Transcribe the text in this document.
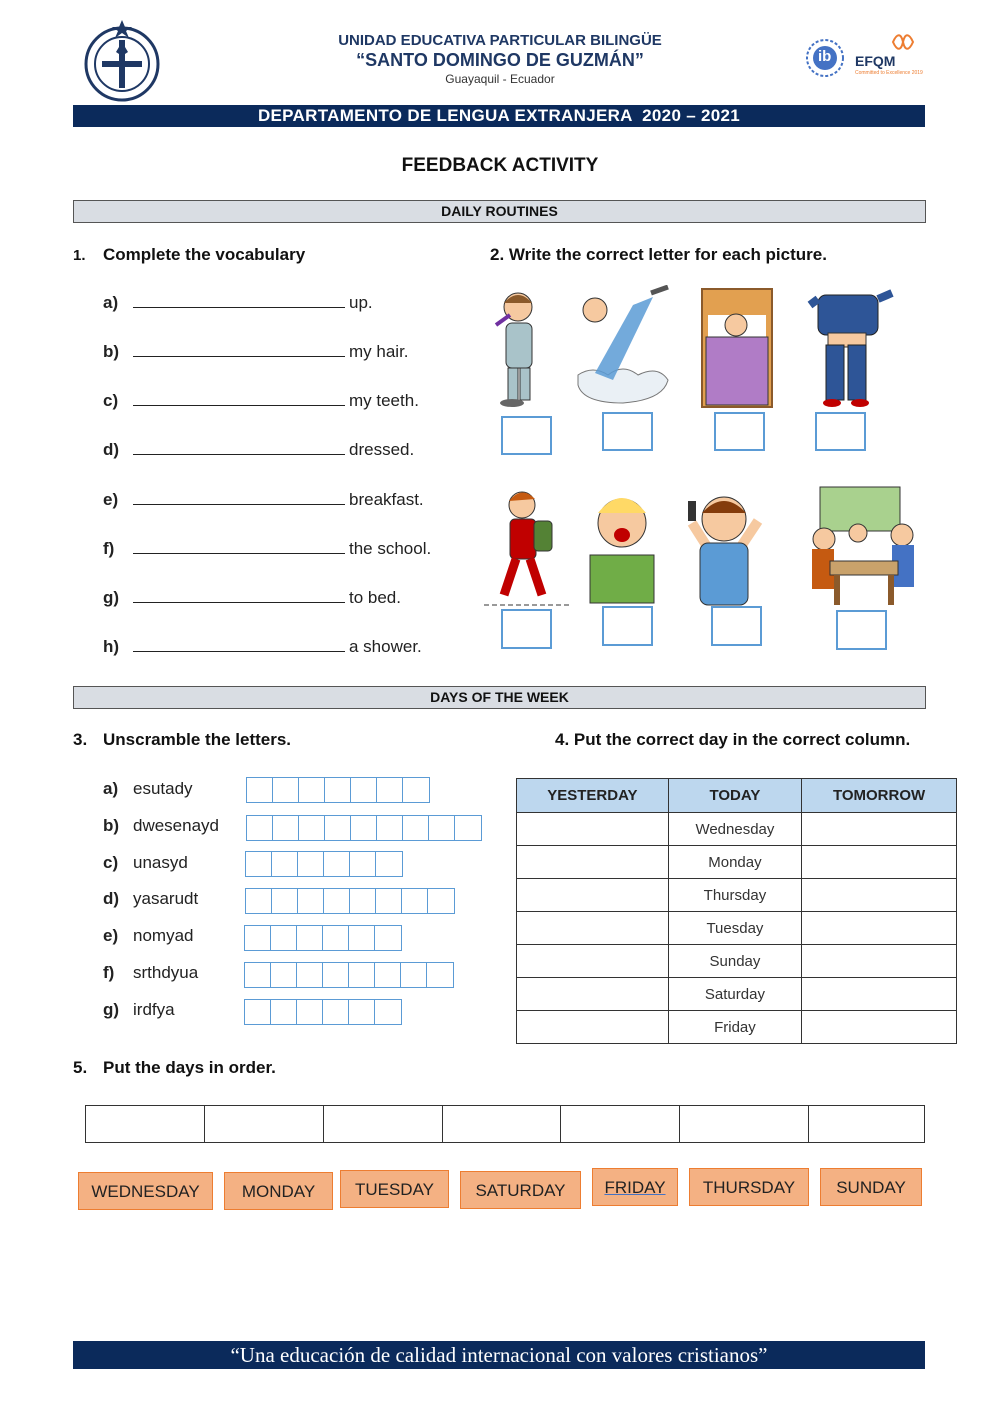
UNIDAD EDUCATIVA PARTICULAR BILINGÜE
“SANTO DOMINGO DE GUZMÁN”
Guayaquil - Ecuador
ib EFQM
Committed to Excellence 2019
DEPARTAMENTO DE LENGUA EXTRANJERA  2020 – 2021
FEEDBACK ACTIVITY
DAILY ROUTINES
1. Complete the vocabulary
a)	up.
b)	my hair.
c)	my teeth.
d)	dressed.
e)	breakfast.
f)	the school.
g)	to bed.
h)	a shower.
2. Write the correct letter for each picture.
DAYS OF THE WEEK
3. Unscramble the letters.
a) esutady
b) dwesenayd
c) unasyd
d) yasarudt
e) nomyad
f) srthdyua
g) irdfya
4. Put the correct day in the correct column.
YESTERDAY	TODAY	TOMORROW
	Wednesday	
	Monday	
	Thursday	
	Tuesday	
	Sunday	
	Saturday	
	Friday	
5. Put the days in order.
WEDNESDAY	MONDAY	TUESDAY	SATURDAY	FRIDAY	THURSDAY	SUNDAY
“Una educación de calidad internacional con valores cristianos”
